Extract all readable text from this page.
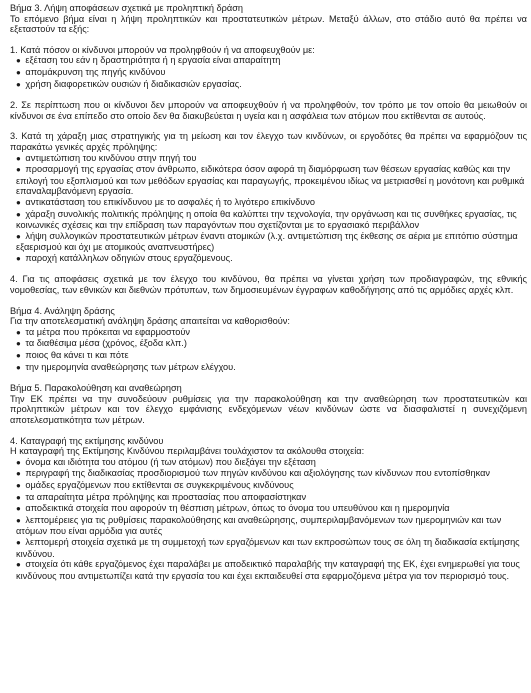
Βήμα 3. Λήψη αποφάσεων σχετικά με προληπτική δράση
Το επόμενο βήμα είναι η λήψη προληπτικών και προστατευτικών μέτρων. Μεταξύ άλλων, στο στάδιο αυτό θα πρέπει να εξεταστούν τα εξής:
1. Κατά πόσον οι κίνδυνοι μπορούν να προληφθούν ή να αποφευχθούν με:
● εξέταση του εάν η δραστηριότητα ή η εργασία είναι απαραίτητη
● απομάκρυνση της πηγής κινδύνου
● χρήση διαφορετικών ουσιών ή διαδικασιών εργασίας.
2. Σε περίπτωση που οι κίνδυνοι δεν μπορούν να αποφευχθούν ή να προληφθούν, τον τρόπο με τον οποίο θα μειωθούν οι κίνδυνοι σε ένα επίπεδο στο οποίο δεν θα διακυβεύεται η υγεία και η ασφάλεια των ατόμων που εκτίθενται σε αυτούς.
3. Κατά τη χάραξη μιας στρατηγικής για τη μείωση και τον έλεγχο των κινδύνων, οι εργοδότες θα πρέπει να εφαρμόζουν τις παρακάτω γενικές αρχές πρόληψης:
● αντιμετώπιση του κινδύνου στην πηγή του
● προσαρμογή της εργασίας στον άνθρωπο, ειδικότερα όσον αφορά τη διαμόρφωση των θέσεων εργασίας καθώς και την επιλογή του εξοπλισμού και των μεθόδων εργασίας και παραγωγής, προκειμένου ιδίως να μετριασθεί η μονότονη και ρυθμικά επαναλαμβανόμενη εργασία.
● αντικατάσταση του επικίνδυνου με το ασφαλές ή το λιγότερο επικίνδυνο
● χάραξη συνολικής πολιτικής πρόληψης η οποία θα καλύπτει την τεχνολογία, την οργάνωση και τις συνθήκες εργασίας, τις κοινωνικές σχέσεις και την επίδραση των παραγόντων που σχετίζονται με το εργασιακό περιβάλλον
● λήψη συλλογικών προστατευτικών μέτρων έναντι ατομικών (λ.χ. αντιμετώπιση της έκθεσης σε αέρια με επιτόπιο σύστημα εξαερισμού και όχι με ατομικούς αναπνευστήρες)
● παροχή κατάλληλων οδηγιών στους εργαζόμενους.
4. Για τις αποφάσεις σχετικά με τον έλεγχο του κινδύνου, θα πρέπει να γίνεται χρήση των προδιαγραφών, της εθνικής νομοθεσίας, των εθνικών και διεθνών πρότυπων, των δημοσιευμένων έγγραφων καθοδήγησης από τις αρμόδιες αρχές κλπ.
Βήμα 4. Ανάληψη δράσης
Για την αποτελεσματική ανάληψη δράσης απαιτείται να καθορισθούν:
● τα μέτρα που πρόκειται να εφαρμοστούν
● τα διαθέσιμα μέσα (χρόνος, έξοδα κλπ.)
● ποιος θα κάνει τι και πότε
● την ημερομηνία αναθεώρησης των μέτρων ελέγχου.
Βήμα 5. Παρακολούθηση και αναθεώρηση
Την ΕΚ πρέπει να την συνοδεύουν ρυθμίσεις για την παρακολούθηση και την αναθεώρηση των προστατευτικών και προληπτικών μέτρων και τον έλεγχο εμφάνισης ενδεχόμενων νέων κινδύνων ώστε να διασφαλιστεί η συνεχιζόμενη αποτελεσματικότητα των μέτρων.
4. Καταγραφή της εκτίμησης κινδύνου
Η καταγραφή της Εκτίμησης Κινδύνου περιλαμβάνει τουλάχιστον τα ακόλουθα στοιχεία:
● όνομα και ιδιότητα του ατόμου (ή των ατόμων) που διεξάγει την εξέταση
● περιγραφή της διαδικασίας προσδιορισμού των πηγών κινδύνου και αξιολόγησης των κίνδυνων που εντοπίσθηκαν
● ομάδες εργαζόμενων που εκτίθενται σε συγκεκριμένους κινδύνους
● τα απαραίτητα μέτρα πρόληψης και προστασίας που αποφασίστηκαν
● αποδεικτικά στοιχεία που αφορούν τη θέσπιση μέτρων, όπως το όνομα του υπευθύνου και η ημερομηνία
● λεπτομέρειες για τις ρυθμίσεις παρακολούθησης και αναθεώρησης, συμπεριλαμβανόμενων των ημερομηνιών και των ατόμων που είναι αρμόδια για αυτές
● λεπτομερή στοιχεία σχετικά με τη συμμετοχή των εργαζόμενων και των εκπροσώπων τους σε όλη τη διαδικασία εκτίμησης κινδύνου.
● στοιχεία ότι κάθε εργαζόμενος έχει παραλάβει με αποδεικτικό παραλαβής την καταγραφή της ΕΚ, έχει ενημερωθεί για τους κινδύνους που αντιμετωπίζει κατά την εργασία του και έχει εκπαιδευθεί στα εφαρμοζόμενα μέτρα για τον περιορισμό τους.
